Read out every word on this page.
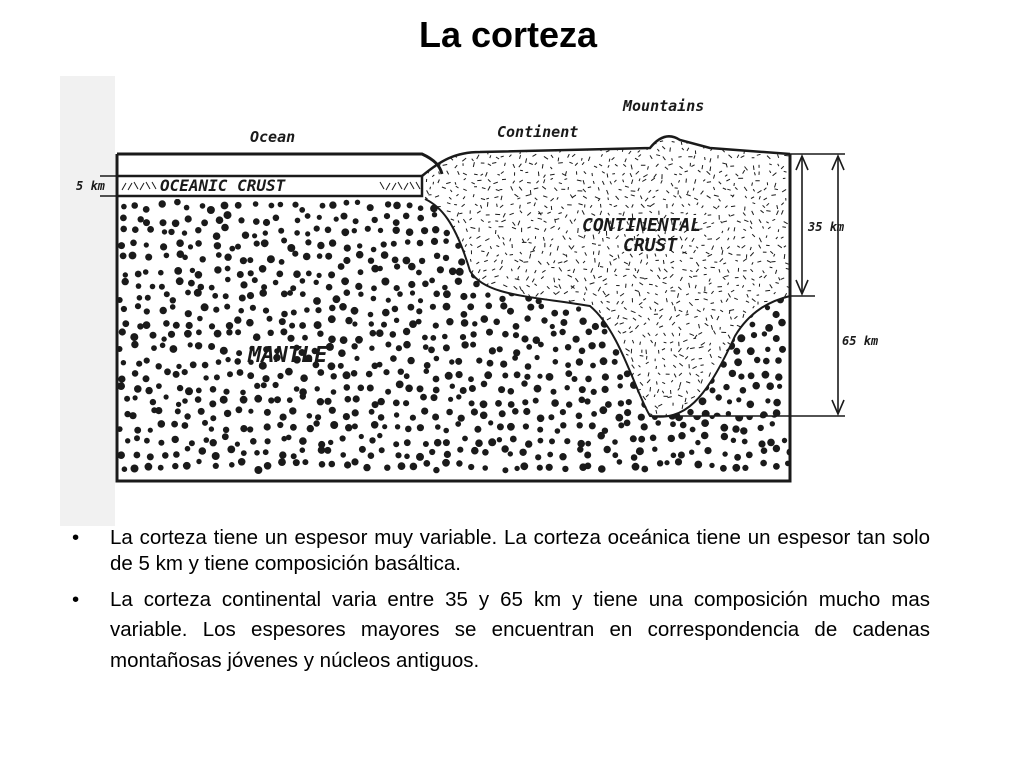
La corteza
Ocean	Continent
Mountains
OCEANIC CRUST
CONTINENTAL
CRUST
MANTLE
5 km
35 km
65 km
• La corteza tiene un espesor muy variable. La corteza oceánica tiene un espesor tan solo de 5 km y tiene composición basáltica.
• La corteza continental varia entre 35 y 65 km y tiene una composición mucho mas variable. Los espesores mayores se encuentran en correspondencia de cadenas montañosas jóvenes y núcleos antiguos.
